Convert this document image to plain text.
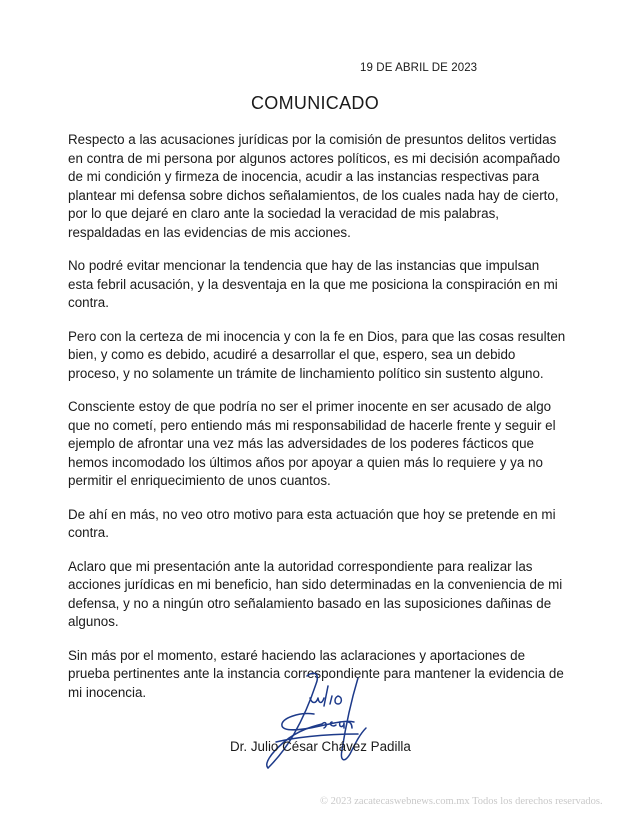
19 DE ABRIL DE 2023
COMUNICADO

Respecto a las acusaciones jurídicas por la comisión de presuntos delitos vertidas en contra de mi persona por algunos actores políticos, es mi decisión acompañado de mi condición y firmeza de inocencia, acudir a las instancias respectivas para plantear mi defensa sobre dichos señalamientos, de los cuales nada hay de cierto, por lo que dejaré en claro ante la sociedad la veracidad de mis palabras, respaldadas en las evidencias de mis acciones.

No podré evitar mencionar la tendencia que hay de las instancias que impulsan esta febril acusación, y la desventaja en la que me posiciona la conspiración en mi contra.

Pero con la certeza de mi inocencia y con la fe en Dios, para que las cosas resulten bien, y como es debido, acudiré a desarrollar el que, espero, sea un debido proceso, y no solamente un trámite de linchamiento político sin sustento alguno.

Consciente estoy de que podría no ser el primer inocente en ser acusado de algo que no cometí, pero entiendo más mi responsabilidad de hacerle frente y seguir el ejemplo de afrontar una vez más las adversidades de los poderes fácticos que hemos incomodado los últimos años por apoyar a quien más lo requiere y ya no permitir el enriquecimiento de unos cuantos.

De ahí en más, no veo otro motivo para esta actuación que hoy se pretende en mi contra.

Aclaro que mi presentación ante la autoridad correspondiente para realizar las acciones jurídicas en mi beneficio, han sido determinadas en la conveniencia de mi defensa, y no a ningún otro señalamiento basado en las suposiciones dañinas de algunos.

Sin más por el momento, estaré haciendo las aclaraciones y aportaciones de prueba pertinentes ante la instancia correspondiente para mantener la evidencia de mi inocencia.

Dr. Julio César Chávez Padilla
© 2023 zacatecaswebnews.com.mx Todos los derechos reservados.
